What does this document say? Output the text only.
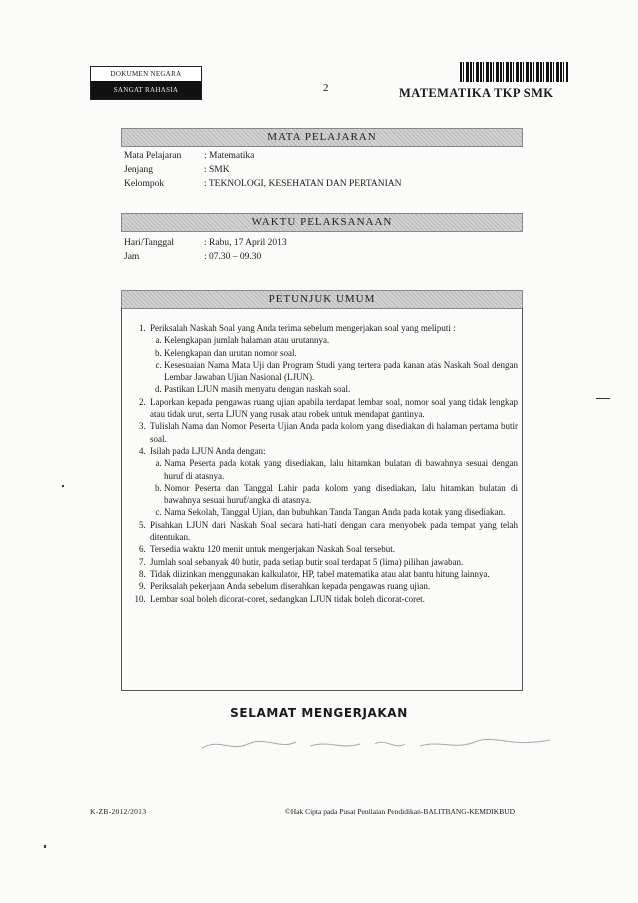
DOKUMEN NEGARA
SANGAT RAHASIA	2	MATEMATIKA TKP SMK
MATA PELAJARAN
Mata Pelajaran : Matematika
Jenjang	: SMK
Kelompok	: TEKNOLOGI, KESEHATAN DAN PERTANIAN
WAKTU PELAKSANAAN
Hari/Tanggal	: Rabu, 17 April 2013
Jam	: 07.30 – 09.30
PETUNJUK UMUM
1. Periksalah Naskah Soal yang Anda terima sebelum mengerjakan soal yang meliputi :
a. Kelengkapan jumlah halaman atau urutannya.
b. Kelengkapan dan urutan nomor soal.
c. Kesesuaian Nama Mata Uji dan Program Studi yang tertera pada kanan atas Naskah Soal dengan Lembar Jawaban Ujian Nasional (LJUN).
d. Pastikan LJUN masih menyatu dengan naskah soal.
2. Laporkan kepada pengawas ruang ujian apabila terdapat lembar soal, nomor soal yang tidak lengkap atau tidak urut, serta LJUN yang rusak atau robek untuk mendapat gantinya.
3. Tulislah Nama dan Nomor Peserta Ujian Anda pada kolom yang disediakan di halaman pertama butir soal.
4. Isilah pada LJUN Anda dengan:
a. Nama Peserta pada kotak yang disediakan, lalu hitamkan bulatan di bawahnya sesuai dengan huruf di atasnya.
b. Nomor Peserta dan Tanggal Lahir pada kolom yang disediakan, lalu hitamkan bulatan di bawahnya sesuai huruf/angka di atasnya.
c. Nama Sekolah, Tanggal Ujian, dan bubuhkan Tanda Tangan Anda pada kotak yang disediakan.
5. Pisahkan LJUN dari Naskah Soal secara hati-hati dengan cara menyobek pada tempat yang telah ditentukan.
6. Tersedia waktu 120 menit untuk mengerjakan Naskah Soal tersebut.
7. Jumlah soal sebanyak 40 butir, pada setiap butir soal terdapat 5 (lima) pilihan jawaban.
8. Tidak diizinkan menggunakan kalkulator, HP, tabel matematika atau alat bantu hitung lainnya.
9. Periksalah pekerjaan Anda sebelum diserahkan kepada pengawas ruang ujian.
10. Lembar soal boleh dicorat-coret, sedangkan LJUN tidak boleh dicorat-coret.
SELAMAT MENGERJAKAN
K-ZB-2012/2013	©Hak Cipta pada Pusat Penilaian Pendidikan-BALITBANG-KEMDIKBUD
